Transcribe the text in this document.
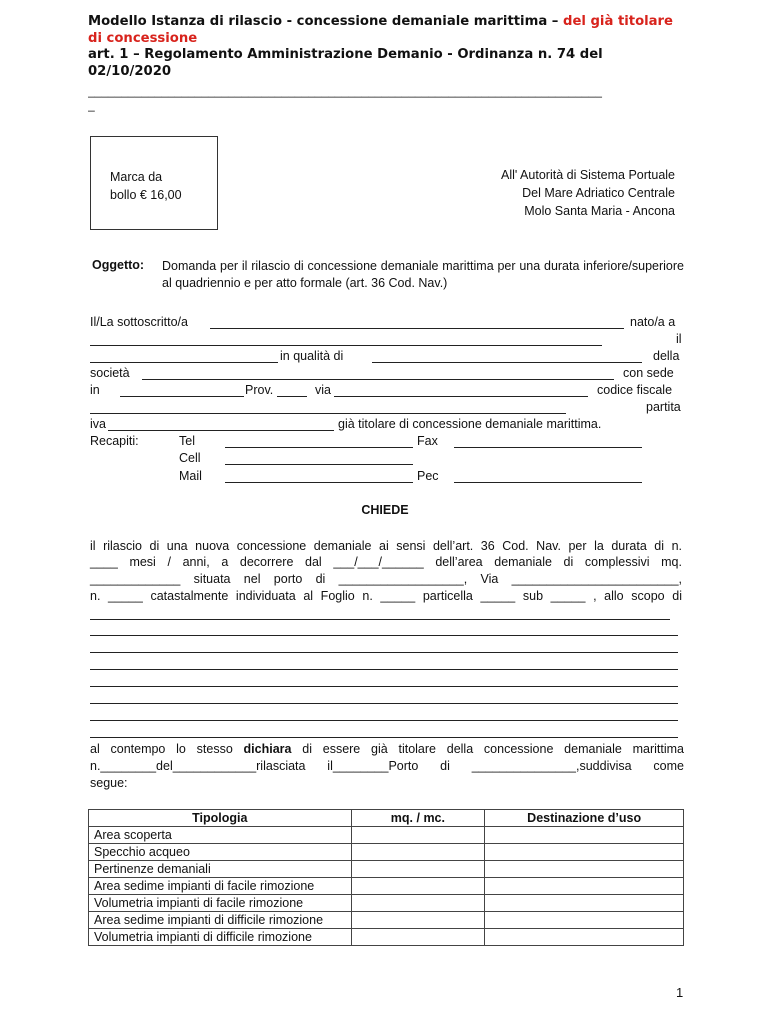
Modello Istanza di rilascio - concessione demaniale marittima – del già titolare di concessione
art. 1 – Regolamento Amministrazione Demanio - Ordinanza n. 74 del 02/10/2020
_____________________________________________________________________________
_
Marca da
bollo € 16,00
All' Autorità di Sistema Portuale
Del Mare Adriatico Centrale
Molo Santa Maria - Ancona
Oggetto: Domanda per il rilascio di concessione demaniale marittima per una durata inferiore/superiore al quadriennio e per atto formale (art. 36 Cod. Nav.)
Il/La sottoscritto/a	nato/a a
il
in qualità di	della
società	con sede
in	Prov.	via	codice fiscale
partita
iva	già titolare di concessione demaniale marittima.
Recapiti:	Tel	Fax
Cell
Mail	Pec
CHIEDE
il rilascio di una nuova concessione demaniale ai sensi dell’art. 36 Cod. Nav. per la durata di n.
____ mesi / anni, a decorrere dal ___/___/______ dell’area demaniale di complessivi mq.
_____________ situata nel porto di __________________, Via ________________________,
n. _____ catastalmente individuata al Foglio n. _____ particella _____ sub _____ , allo scopo di
al contempo lo stesso dichiara di essere già titolare della concessione demaniale marittima
n.________del____________rilasciata il________Porto di _______________,suddivisa come
segue:
Tipologia	mq. / mc.	Destinazione d’uso
Area scoperta		
Specchio acqueo		
Pertinenze demaniali		
Area sedime impianti di facile rimozione		
Volumetria impianti di facile rimozione		
Area sedime impianti di difficile rimozione		
Volumetria impianti di difficile rimozione		
1
